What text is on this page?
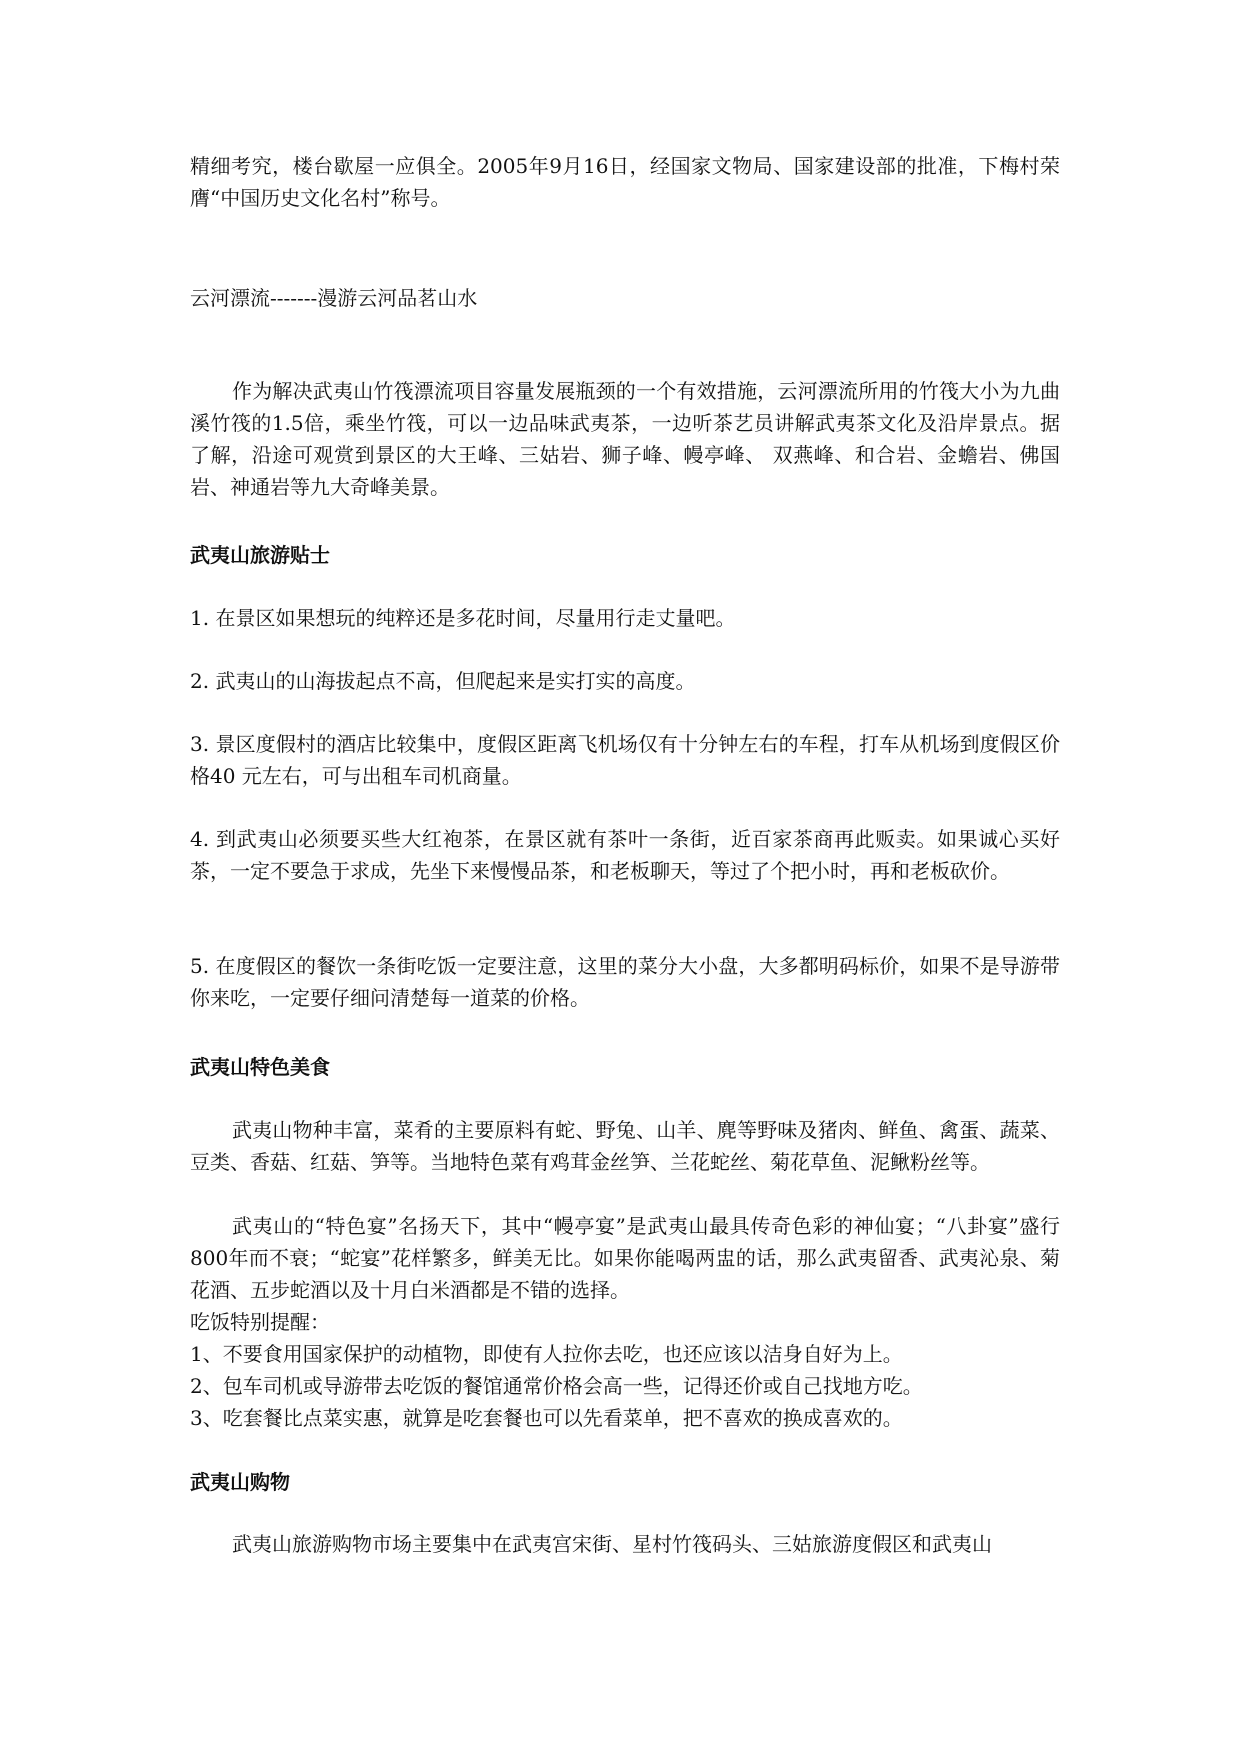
精细考究，楼台歇屋一应俱全。2005年9月16日，经国家文物局、国家建设部的批准，下梅村荣膺“中国历史文化名村”称号。

云河漂流-------漫游云河品茗山水

作为解决武夷山竹筏漂流项目容量发展瓶颈的一个有效措施，云河漂流所用的竹筏大小为九曲溪竹筏的1.5倍，乘坐竹筏，可以一边品味武夷茶，一边听茶艺员讲解武夷茶文化及沿岸景点。据了解，沿途可观赏到景区的大王峰、三姑岩、狮子峰、幔亭峰、 双燕峰、和合岩、金蟾岩、佛国岩、神通岩等九大奇峰美景。

武夷山旅游贴士

1. 在景区如果想玩的纯粹还是多花时间，尽量用行走丈量吧。

2. 武夷山的山海拔起点不高，但爬起来是实打实的高度。

3. 景区度假村的酒店比较集中，度假区距离飞机场仅有十分钟左右的车程，打车从机场到度假区价格40 元左右，可与出租车司机商量。

4. 到武夷山必须要买些大红袍茶，在景区就有茶叶一条街，近百家茶商再此贩卖。如果诚心买好茶，一定不要急于求成，先坐下来慢慢品茶，和老板聊天，等过了个把小时，再和老板砍价。

5. 在度假区的餐饮一条街吃饭一定要注意，这里的菜分大小盘，大多都明码标价，如果不是导游带你来吃，一定要仔细问清楚每一道菜的价格。

武夷山特色美食

武夷山物种丰富，菜肴的主要原料有蛇、野兔、山羊、麂等野味及猪肉、鲜鱼、禽蛋、蔬菜、豆类、香菇、红菇、笋等。当地特色菜有鸡茸金丝笋、兰花蛇丝、菊花草鱼、泥鳅粉丝等。

武夷山的“特色宴”名扬天下，其中“幔亭宴”是武夷山最具传奇色彩的神仙宴；“八卦宴”盛行800年而不衰；“蛇宴”花样繁多，鲜美无比。如果你能喝两盅的话，那么武夷留香、武夷沁泉、菊花酒、五步蛇酒以及十月白米酒都是不错的选择。

吃饭特别提醒：

1、不要食用国家保护的动植物，即使有人拉你去吃，也还应该以洁身自好为上。

2、包车司机或导游带去吃饭的餐馆通常价格会高一些，记得还价或自己找地方吃。

3、吃套餐比点菜实惠，就算是吃套餐也可以先看菜单，把不喜欢的换成喜欢的。

武夷山购物

武夷山旅游购物市场主要集中在武夷宫宋街、星村竹筏码头、三姑旅游度假区和武夷山
